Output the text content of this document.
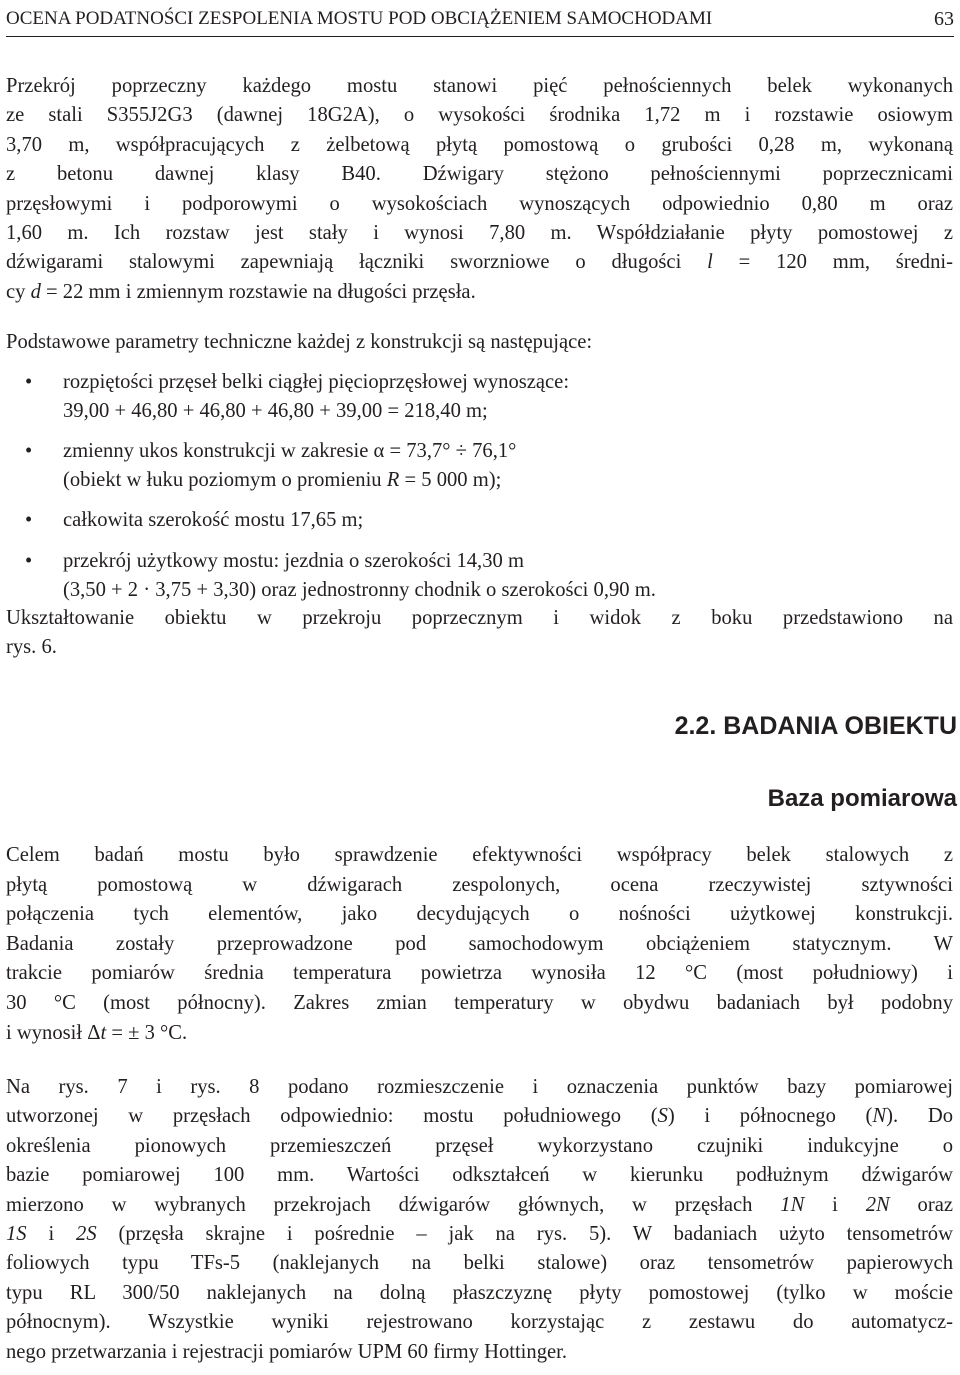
OCENA PODATNOŚCI ZESPOLENIA MOSTU POD OBCIĄŻENIEM SAMOCHODAMI	63
Przekrój poprzeczny każdego mostu stanowi pięć pełnościennych belek wykonanych
ze stali S355J2G3 (dawnej 18G2A), o wysokości środnika 1,72 m i rozstawie osiowym
3,70 m, współpracujących z żelbetową płytą pomostową o grubości 0,28 m, wykonaną
z betonu dawnej klasy B40. Dźwigary stężono pełnościennymi poprzecznicami
przęsłowymi i podporowymi o wysokościach wynoszących odpowiednio 0,80 m oraz
1,60 m. Ich rozstaw jest stały i wynosi 7,80 m. Współdziałanie płyty pomostowej z
dźwigarami stalowymi zapewniają łączniki sworzniowe o długości l = 120 mm, średni-
cy d = 22 mm i zmiennym rozstawie na długości przęsła.
Podstawowe parametry techniczne każdej z konstrukcji są następujące:
• rozpiętości przęseł belki ciągłej pięcioprzęsłowej wynoszące:
39,00 + 46,80 + 46,80 + 46,80 + 39,00 = 218,40 m;
• zmienny ukos konstrukcji w zakresie α = 73,7° ÷ 76,1°
(obiekt w łuku poziomym o promieniu R = 5 000 m);
• całkowita szerokość mostu 17,65 m;
• przekrój użytkowy mostu: jezdnia o szerokości 14,30 m
(3,50 + 2 · 3,75 + 3,30) oraz jednostronny chodnik o szerokości 0,90 m.
Ukształtowanie obiektu w przekroju poprzecznym i widok z boku przedstawiono na
rys. 6.
2.2. BADANIA OBIEKTU
Baza pomiarowa
Celem badań mostu było sprawdzenie efektywności współpracy belek stalowych z
płytą pomostową w dźwigarach zespolonych, ocena rzeczywistej sztywności
połączenia tych elementów, jako decydujących o nośności użytkowej konstrukcji.
Badania zostały przeprowadzone pod samochodowym obciążeniem statycznym. W
trakcie pomiarów średnia temperatura powietrza wynosiła 12 °C (most południowy) i
30 °C (most północny). Zakres zmian temperatury w obydwu badaniach był podobny
i wynosił Δt = ± 3 °C.
Na rys. 7 i rys. 8 podano rozmieszczenie i oznaczenia punktów bazy pomiarowej
utworzonej w przęsłach odpowiednio: mostu południowego (S) i północnego (N). Do
określenia pionowych przemieszczeń przęseł wykorzystano czujniki indukcyjne o
bazie pomiarowej 100 mm. Wartości odkształceń w kierunku podłużnym dźwigarów
mierzono w wybranych przekrojach dźwigarów głównych, w przęsłach 1N i 2N oraz
1S i 2S (przęsła skrajne i pośrednie – jak na rys. 5). W badaniach użyto tensometrów
foliowych typu TFs-5 (naklejanych na belki stalowe) oraz tensometrów papierowych
typu RL 300/50 naklejanych na dolną płaszczyznę płyty pomostowej (tylko w moście
północnym). Wszystkie wyniki rejestrowano korzystając z zestawu do automatycz-
nego przetwarzania i rejestracji pomiarów UPM 60 firmy Hottinger.
